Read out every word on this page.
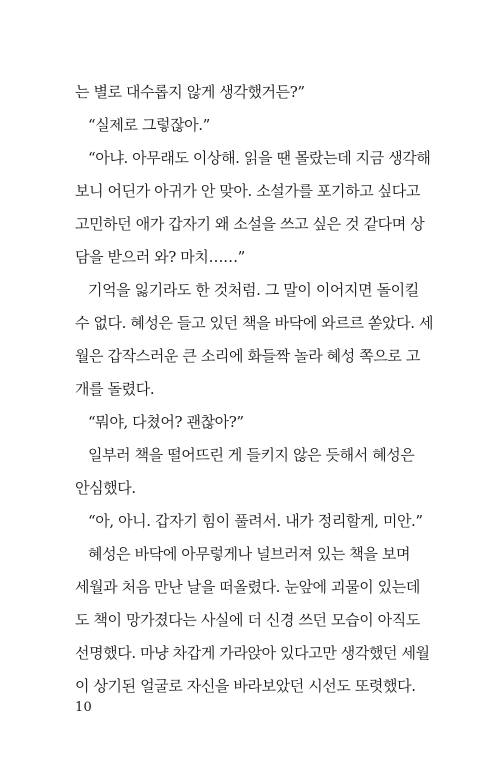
는 별로 대수롭지 않게 생각했거든?”
“실제로 그렇잖아.”
“아냐. 아무래도 이상해. 읽을 땐 몰랐는데 지금 생각해
보니 어딘가 아귀가 안 맞아. 소설가를 포기하고 싶다고
고민하던 애가 갑자기 왜 소설을 쓰고 싶은 것 같다며 상
담을 받으러 와? 마치……”
기억을 잃기라도 한 것처럼. 그 말이 이어지면 돌이킬
수 없다. 혜성은 들고 있던 책을 바닥에 와르르 쏟았다. 세
월은 갑작스러운 큰 소리에 화들짝 놀라 혜성 쪽으로 고
개를 돌렸다.
“뭐야, 다쳤어? 괜찮아?”
일부러 책을 떨어뜨린 게 들키지 않은 듯해서 혜성은
안심했다.
“아, 아니. 갑자기 힘이 풀려서. 내가 정리할게, 미안.”
혜성은 바닥에 아무렇게나 널브러져 있는 책을 보며
세월과 처음 만난 날을 떠올렸다. 눈앞에 괴물이 있는데
도 책이 망가졌다는 사실에 더 신경 쓰던 모습이 아직도
선명했다. 마냥 차갑게 가라앉아 있다고만 생각했던 세월
이 상기된 얼굴로 자신을 바라보았던 시선도 또렷했다.
10
